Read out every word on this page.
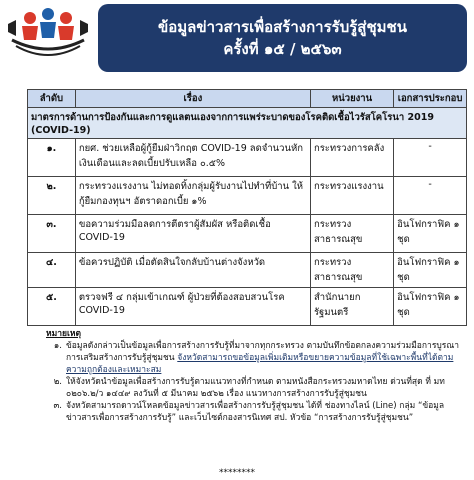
ข้อมูลข่าวสารเพื่อสร้างการรับรู้สู่ชุมชน
ครั้งที่ ๑๕ / ๒๕๖๓
ลำดับ	เรื่อง	หน่วยงาน	เอกสารประกอบ
มาตรการด้านการป้องกันและการดูแลตนเองจากการแพร่ระบาดของโรคติดเชื้อไวรัสโคโรนา 2019 (COVID-19)			
๑.	กยศ. ช่วยเหลือผู้กู้ยืมฝ่าวิกฤต COVID-19 ลดจำนวนหักเงินเดือนและลดเบี้ยปรับเหลือ ๐.๕%	กระทรวงการคลัง	-
๒.	กระทรวงแรงงาน ไม่ทอดทิ้งกลุ่มผู้รับงานไปทำที่บ้าน ให้กู้ยืมกองทุนฯ อัตราดอกเบี้ย ๑%	กระทรวงแรงงาน	-
๓.	ขอความร่วมมือลดการตีตราผู้สัมผัส หรือติดเชื้อ COVID-19	กระทรวงสาธารณสุข	อินโฟกราฟิค ๑ ชุด
๔.	ข้อควรปฏิบัติ เมื่อตัดสินใจกลับบ้านต่างจังหวัด	กระทรวงสาธารณสุข	อินโฟกราฟิค ๑ ชุด
๕.	ตรวจฟรี ๔ กลุ่มเข้าเกณฑ์ ผู้ป่วยที่ต้องสอบสวนโรค COVID-19	สำนักนายกรัฐมนตรี	อินโฟกราฟิค ๑ ชุด
หมายเหตุ
๑. ข้อมูลดังกล่าวเป็นข้อมูลเพื่อการสร้างการรับรู้ที่มาจากทุกกระทรวง ตามบันทึกข้อตกลงความร่วมมือการบูรณาการเสริมสร้างการรับรู้สู่ชุมชน จังหวัดสามารถขอข้อมูลเพิ่มเติมหรือขยายความข้อมูลที่ใช้เฉพาะพื้นที่ได้ตามความถูกต้องและเหมาะสม
๒. ให้จังหวัดนำข้อมูลเพื่อสร้างการรับรู้ตามแนวทางที่กำหนด ตามหนังสือกระทรวงมหาดไทย ด่วนที่สุด ที่ มท ๐๒๐๖.๒/ว ๑๔๔๙ ลงวันที่ ๕ มีนาคม ๒๕๖๒ เรื่อง แนวทางการสร้างการรับรู้สู่ชุมชน
๓. จังหวัดสามารถดาวน์โหลดข้อมูลข่าวสารเพื่อสร้างการรับรู้สู่ชุมชน ได้ที่ ช่องทางไลน์ (Line) กลุ่ม “ข้อมูลข่าวสารเพื่อการสร้างการรับรู้” และเว็บไซต์กองสารนิเทศ สป. หัวข้อ “การสร้างการรับรู้สู่ชุมชน”
********
